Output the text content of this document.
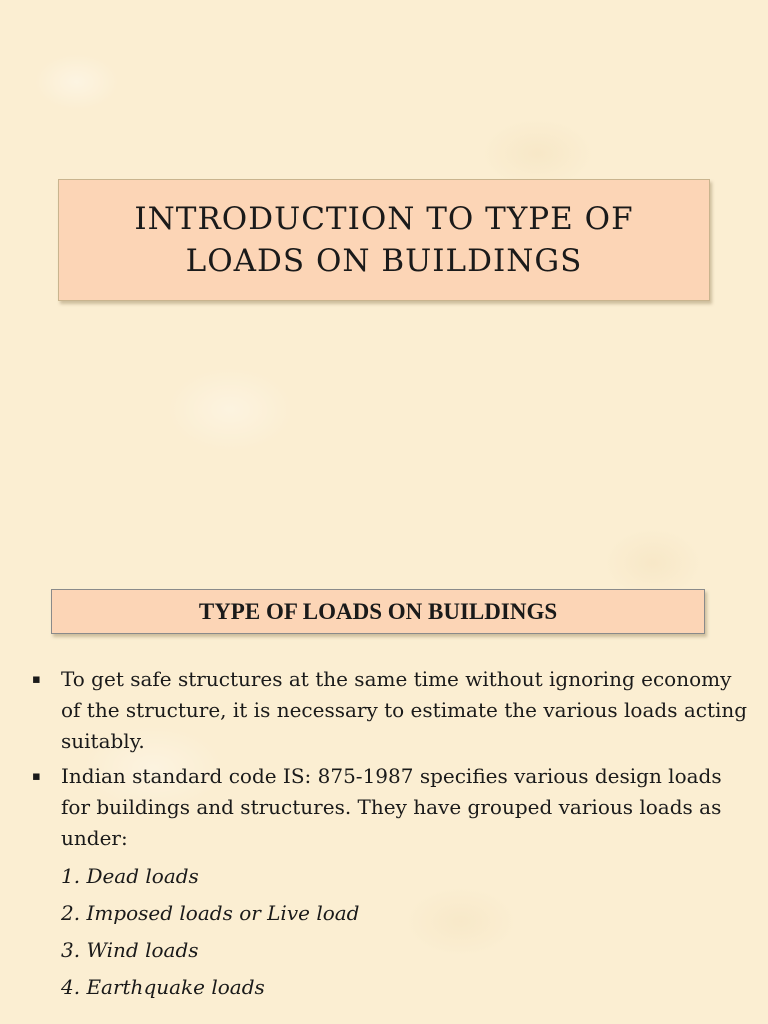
INTRODUCTION TO TYPE OF LOADS ON BUILDINGS
TYPE OF LOADS ON BUILDINGS
▪ To get safe structures at the same time without ignoring economy of the structure, it is necessary to estimate the various loads acting suitably.
▪ Indian standard code IS: 875-1987 specifies various design loads for buildings and structures. They have grouped various loads as under:
1. Dead loads
2. Imposed loads or Live load
3. Wind loads
4. Earthquake loads
